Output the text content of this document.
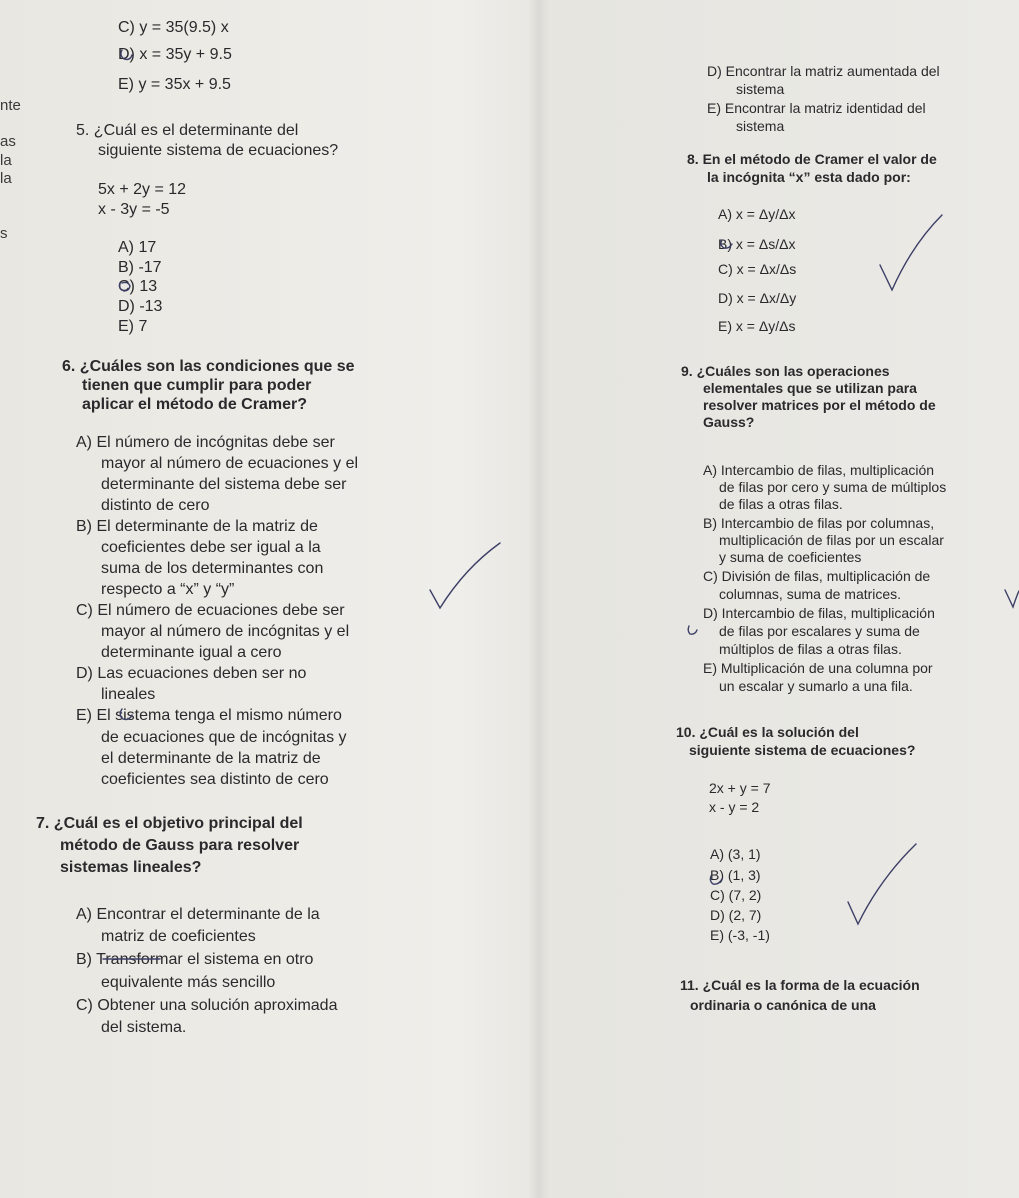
nte
as
la
la
s
C) y = 35(9.5) x
D) x = 35y + 9.5
E) y = 35x + 9.5
5. ¿Cuál es el determinante del
siguiente sistema de ecuaciones?
5x + 2y = 12
x - 3y = -5
A) 17
B) -17
C) 13
D) -13
E) 7
6. ¿Cuáles son las condiciones que se
tienen que cumplir para poder
aplicar el método de Cramer?
A) El número de incógnitas debe ser
mayor al número de ecuaciones y el
determinante del sistema debe ser
distinto de cero
B) El determinante de la matriz de
coeficientes debe ser igual a la
suma de los determinantes con
respecto a “x” y “y”
C) El número de ecuaciones debe ser
mayor al número de incógnitas y el
determinante igual a cero
D) Las ecuaciones deben ser no
lineales
E) El sistema tenga el mismo número
de ecuaciones que de incógnitas y
el determinante de la matriz de
coeficientes sea distinto de cero
7. ¿Cuál es el objetivo principal del
método de Gauss para resolver
sistemas lineales?
A) Encontrar el determinante de la
matriz de coeficientes
B) Transformar el sistema en otro
equivalente más sencillo
C) Obtener una solución aproximada
del sistema.
D) Encontrar la matriz aumentada del
sistema
E) Encontrar la matriz identidad del
sistema
8. En el método de Cramer el valor de
la incógnita “x” esta dado por:
A) x = Δy/Δx
B) x = Δs/Δx
C) x = Δx/Δs
D) x = Δx/Δy
E) x = Δy/Δs
9. ¿Cuáles son las operaciones
elementales que se utilizan para
resolver matrices por el método de
Gauss?
A) Intercambio de filas, multiplicación
de filas por cero y suma de múltiplos
de filas a otras filas.
B) Intercambio de filas por columnas,
multiplicación de filas por un escalar
y suma de coeficientes
C) División de filas, multiplicación de
columnas, suma de matrices.
D) Intercambio de filas, multiplicación
de filas por escalares y suma de
múltiplos de filas a otras filas.
E) Multiplicación de una columna por
un escalar y sumarlo a una fila.
10. ¿Cuál es la solución del
siguiente sistema de ecuaciones?
2x + y = 7
x - y = 2
A) (3, 1)
B) (1, 3)
C) (7, 2)
D) (2, 7)
E) (-3, -1)
11. ¿Cuál es la forma de la ecuación
ordinaria o canónica de una
